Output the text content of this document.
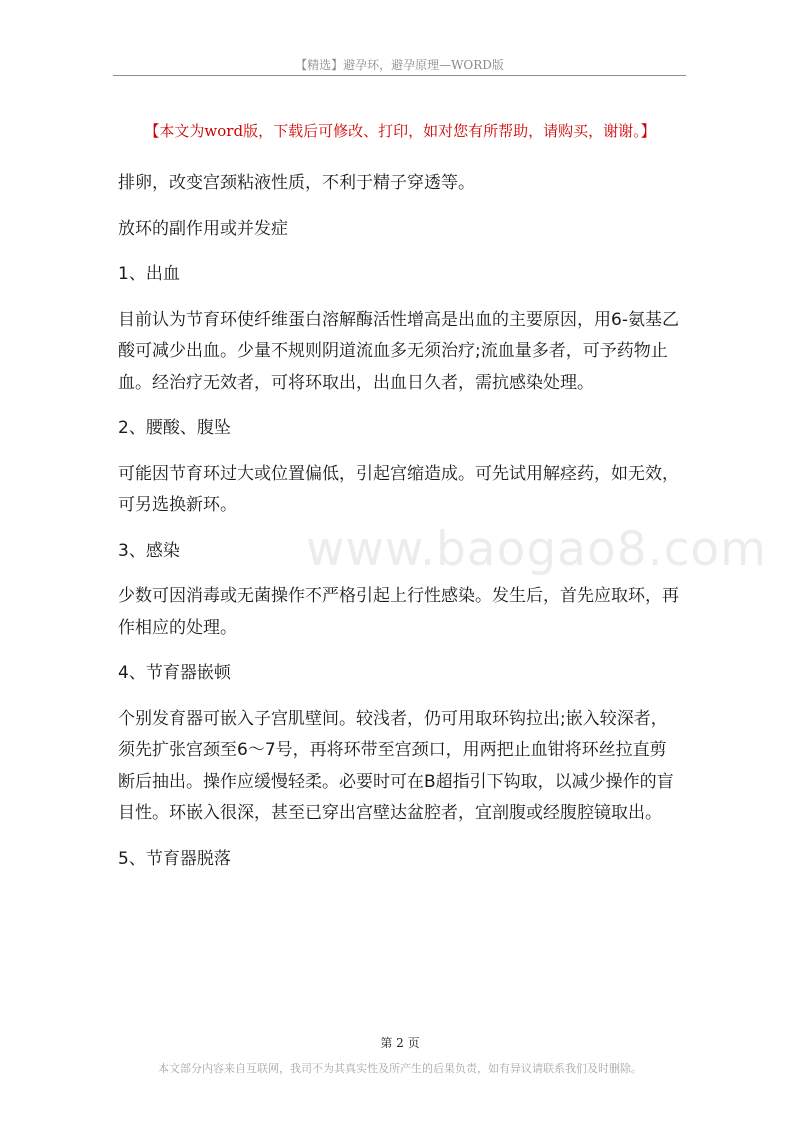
【精选】避孕环，避孕原理—WORD版
【本文为word版，下载后可修改、打印，如对您有所帮助，请购买，谢谢。】
www.baogao8.com

排卵，改变宫颈粘液性质，不利于精子穿透等。

放环的副作用或并发症

1、出血

目前认为节育环使纤维蛋白溶解酶活性增高是出血的主要原因，用6-氨基乙酸可减少出血。少量不规则阴道流血多无须治疗;流血量多者，可予药物止血。经治疗无效者，可将环取出，出血日久者，需抗感染处理。

2、腰酸、腹坠

可能因节育环过大或位置偏低，引起宫缩造成。可先试用解痉药，如无效，可另选换新环。

3、感染

少数可因消毒或无菌操作不严格引起上行性感染。发生后，首先应取环，再作相应的处理。

4、节育器嵌顿

个别发育器可嵌入子宫肌壁间。较浅者，仍可用取环钩拉出;嵌入较深者，须先扩张宫颈至6～7号，再将环带至宫颈口，用两把止血钳将环丝拉直剪断后抽出。操作应缓慢轻柔。必要时可在B超指引下钩取，以减少操作的盲目性。环嵌入很深，甚至已穿出宫壁达盆腔者，宜剖腹或经腹腔镜取出。

5、节育器脱落

第 2 页
本文部分内容来自互联网，我司不为其真实性及所产生的后果负责，如有异议请联系我们及时删除。
